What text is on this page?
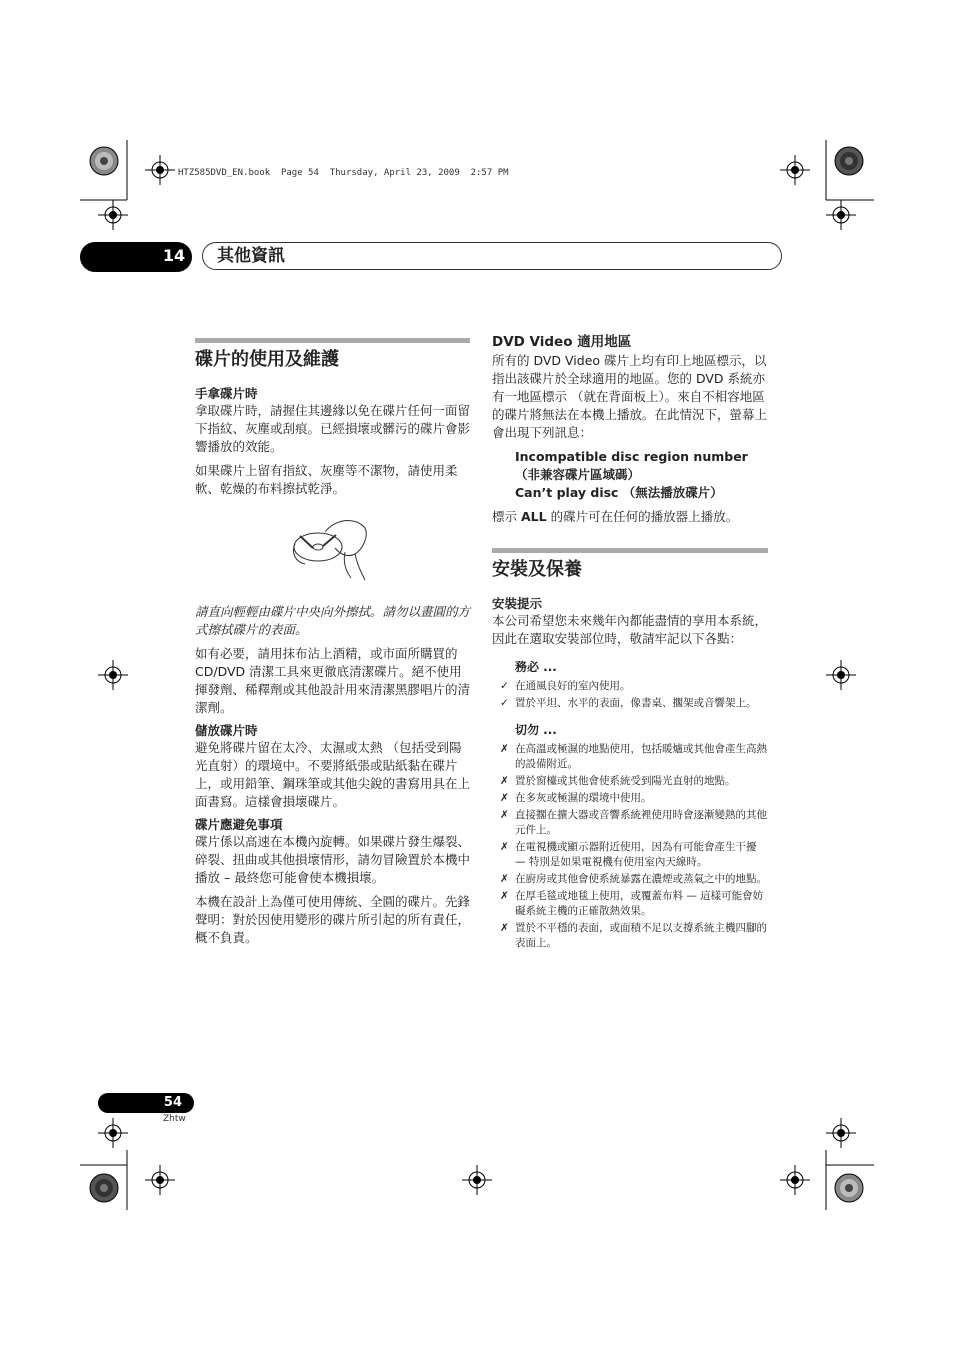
HTZ585DVD_EN.book  Page 54  Thursday, April 23, 2009  2:57 PM
14	其他資訊
碟片的使用及維護
手拿碟片時

拿取碟片時，請握住其邊緣以免在碟片任何一面留下指紋、灰塵或刮痕。已經損壞或髒污的碟片會影響播放的效能。

如果碟片上留有指紋、灰塵等不潔物，請使用柔軟、乾燥的布料擦拭乾淨。

請直向輕輕由碟片中央向外擦拭。請勿以畫圓的方式擦拭碟片的表面。

如有必要，請用抹布沾上酒精，或市面所購買的 CD/DVD 清潔工具來更徹底清潔碟片。絕不使用揮發劑、稀釋劑或其他設計用來清潔黑膠唱片的清潔劑。

儲放碟片時

避免將碟片留在太冷、太濕或太熱 （包括受到陽光直射）的環境中。不要將紙張或貼紙黏在碟片上，或用鉛筆、鋼珠筆或其他尖銳的書寫用具在上面書寫。這樣會損壞碟片。

碟片應避免事項

碟片係以高速在本機內旋轉。如果碟片發生爆裂、碎裂、扭曲或其他損壞情形，請勿冒險置於本機中播放 – 最終您可能會使本機損壞。

本機在設計上為僅可使用傳統、全圓的碟片。先鋒聲明：對於因使用變形的碟片所引起的所有責任，概不負責。

DVD Video 適用地區

所有的 DVD Video 碟片上均有印上地區標示，以指出該碟片於全球適用的地區。您的 DVD 系統亦有一地區標示 （就在背面板上）。來自不相容地區的碟片將無法在本機上播放。在此情況下，螢幕上會出現下列訊息：

Incompatible disc region number
（非兼容碟片區域碼）
Can’t play disc （無法播放碟片）

標示 ALL 的碟片可在任何的播放器上播放。

安裝及保養
安裝提示

本公司希望您未來幾年內都能盡情的享用本系統，因此在選取安裝部位時，敬請牢記以下各點：

務必 ...
✓ 在通風良好的室內使用。
✓ 置於平坦、水平的表面，像書桌、擱架或音響架上。
切勿 ...
✗ 在高溫或極濕的地點使用，包括暖爐或其他會產生高熱的設備附近。
✗ 置於窗檯或其他會使系統受到陽光直射的地點。
✗ 在多灰或極濕的環境中使用。
✗ 直接擱在擴大器或音響系統裡使用時會逐漸變熱的其他元件上。
✗ 在電視機或顯示器附近使用，因為有可能會產生干擾 — 特別是如果電視機有使用室內天線時。
✗ 在廚房或其他會使系統暴露在濃煙或蒸氣之中的地點。
✗ 在厚毛毯或地毯上使用，或覆蓋布料 — 這樣可能會妨礙系統主機的正確散熱效果。
✗ 置於不平穩的表面，或面積不足以支撐系統主機四腳的表面上。
54
Zhtw
